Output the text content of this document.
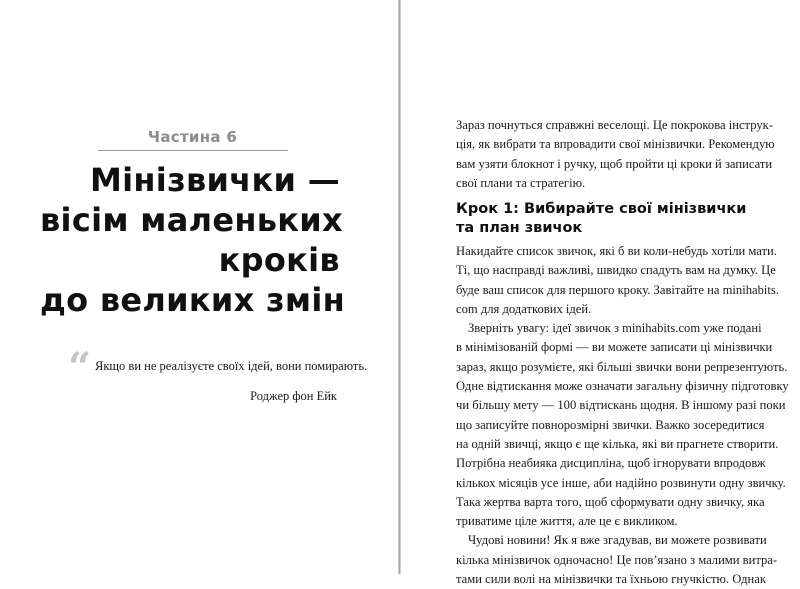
Частина 6
Мінізвички —
вісім маленьких
кроків
до великих змін
“ Якщо ви не реалізуєте своїх ідей, вони помирають.
Роджер фон Ейк
Зараз почнуться справжні веселощі. Це покрокова інструк-
ція, як вибрати та впровадити свої мінізвички. Рекомендую
вам узяти блокнот і ручку, щоб пройти ці кроки й записати
свої плани та стратегію.
Крок 1: Вибирайте свої мінізвички
та план звичок
Накидайте список звичок, які б ви коли-небудь хотіли мати.
Ті, що насправді важливі, швидко спадуть вам на думку. Це
буде ваш список для першого кроку. Завітайте на minihabits.
com для додаткових ідей.
Зверніть увагу: ідеї звичок з minihabits.com уже подані
в мінімізованій формі — ви можете записати ці мінізвички
зараз, якщо розумієте, які більші звички вони репрезентують.
Одне відтискання може означати загальну фізичну підготовку
чи більшу мету — 100 відтискань щодня. В іншому разі поки
що записуйте повнорозмірні звички. Важко зосередитися
на одній звичці, якщо є ще кілька, які ви прагнете створити.
Потрібна неабияка дисципліна, щоб ігнорувати впродовж
кількох місяців усе інше, аби надійно розвинути одну звичку.
Така жертва варта того, щоб сформувати одну звичку, яка
триватиме ціле життя, але це є викликом.
Чудові новини! Як я вже згадував, ви можете розвивати
кілька мінізвичок одночасно! Це пов’язано з малими витра-
тами сили волі на мінізвички та їхньою гнучкістю. Однак
